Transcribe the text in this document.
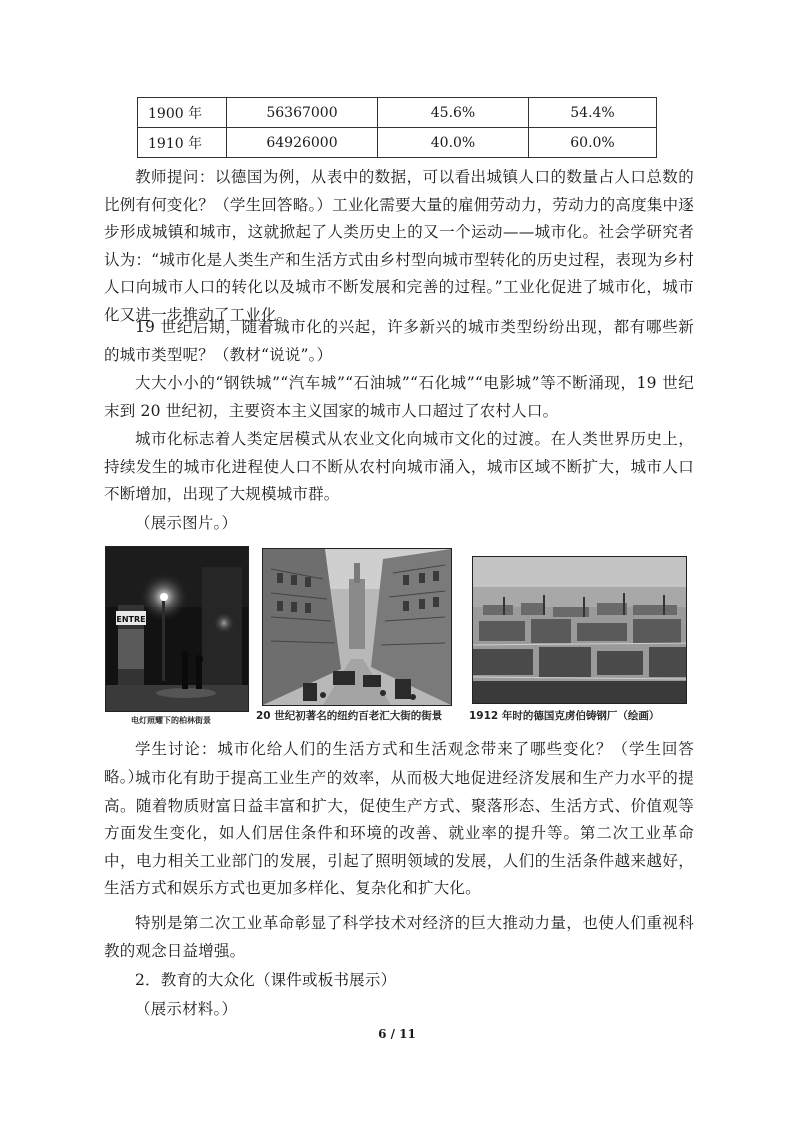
1900 年	56367000	45.6%	54.4%
1910 年	64926000	40.0%	60.0%

教师提问：以德国为例，从表中的数据，可以看出城镇人口的数量占人口总数的比例有何变化？（学生回答略。）工业化需要大量的雇佣劳动力，劳动力的高度集中逐步形成城镇和城市，这就掀起了人类历史上的又一个运动——城市化。社会学研究者认为：“城市化是人类生产和生活方式由乡村型向城市型转化的历史过程，表现为乡村人口向城市人口的转化以及城市不断发展和完善的过程。”工业化促进了城市化，城市化又进一步推动了工业化。

19 世纪后期，随着城市化的兴起，许多新兴的城市类型纷纷出现，都有哪些新的城市类型呢？（教材“说说”。）

大大小小的“钢铁城”“汽车城”“石油城”“石化城”“电影城”等不断涌现，19 世纪末到 20 世纪初，主要资本主义国家的城市人口超过了农村人口。

城市化标志着人类定居模式从农业文化向城市文化的过渡。在人类世界历史上，持续发生的城市化进程使人口不断从农村向城市涌入，城市区域不断扩大，城市人口不断增加，出现了大规模城市群。

（展示图片。）

ENTRE
电灯照耀下的柏林街景	20 世纪初著名的纽约百老汇大街的街景	1912 年时的德国克虏伯铸钢厂（绘画）

学生讨论：城市化给人们的生活方式和生活观念带来了哪些变化？（学生回答略。）

城市化有助于提高工业生产的效率，从而极大地促进经济发展和生产力水平的提高。随着物质财富日益丰富和扩大，促使生产方式、聚落形态、生活方式、价值观等方面发生变化，如人们居住条件和环境的改善、就业率的提升等。第二次工业革命中，电力相关工业部门的发展，引起了照明领域的发展，人们的生活条件越来越好，生活方式和娱乐方式也更加多样化、复杂化和扩大化。

特别是第二次工业革命彰显了科学技术对经济的巨大推动力量，也使人们重视科教的观念日益增强。

2．教育的大众化（课件或板书展示）

（展示材料。）

6 / 11
